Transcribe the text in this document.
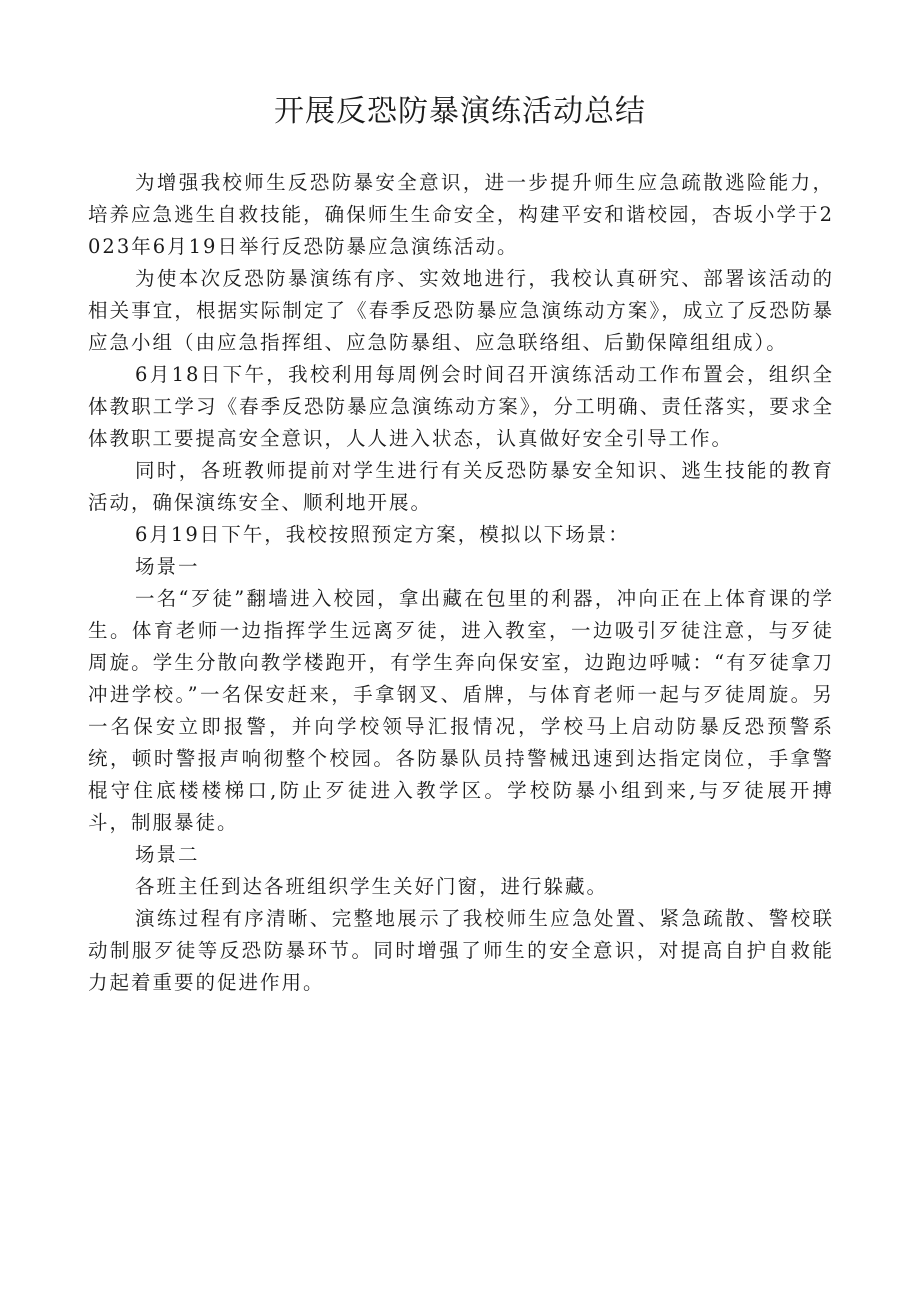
开展反恐防暴演练活动总结

为增强我校师生反恐防暴安全意识，进一步提升师生应急疏散逃险能力，培养应急逃生自救技能，确保师生生命安全，构建平安和谐校园，杏坂小学于2023年6月19日举行反恐防暴应急演练活动。

为使本次反恐防暴演练有序、实效地进行，我校认真研究、部署该活动的相关事宜，根据实际制定了《春季反恐防暴应急演练动方案》，成立了反恐防暴应急小组（由应急指挥组、应急防暴组、应急联络组、后勤保障组组成）。

6月18日下午，我校利用每周例会时间召开演练活动工作布置会，组织全体教职工学习《春季反恐防暴应急演练动方案》，分工明确、责任落实，要求全体教职工要提高安全意识，人人进入状态，认真做好安全引导工作。

同时，各班教师提前对学生进行有关反恐防暴安全知识、逃生技能的教育活动，确保演练安全、顺利地开展。

6月19日下午，我校按照预定方案，模拟以下场景：

场景一

一名“歹徒”翻墙进入校园，拿出藏在包里的利器，冲向正在上体育课的学生。体育老师一边指挥学生远离歹徒，进入教室，一边吸引歹徒注意，与歹徒周旋。学生分散向教学楼跑开，有学生奔向保安室，边跑边呼喊：“有歹徒拿刀冲进学校。”一名保安赶来，手拿钢叉、盾牌，与体育老师一起与歹徒周旋。另一名保安立即报警，并向学校领导汇报情况，学校马上启动防暴反恐预警系统，顿时警报声响彻整个校园。各防暴队员持警械迅速到达指定岗位，手拿警棍守住底楼楼梯口,防止歹徒进入教学区。学校防暴小组到来,与歹徒展开搏斗，制服暴徒。

场景二

各班主任到达各班组织学生关好门窗，进行躲藏。

演练过程有序清晰、完整地展示了我校师生应急处置、紧急疏散、警校联动制服歹徒等反恐防暴环节。同时增强了师生的安全意识，对提高自护自救能力起着重要的促进作用。
